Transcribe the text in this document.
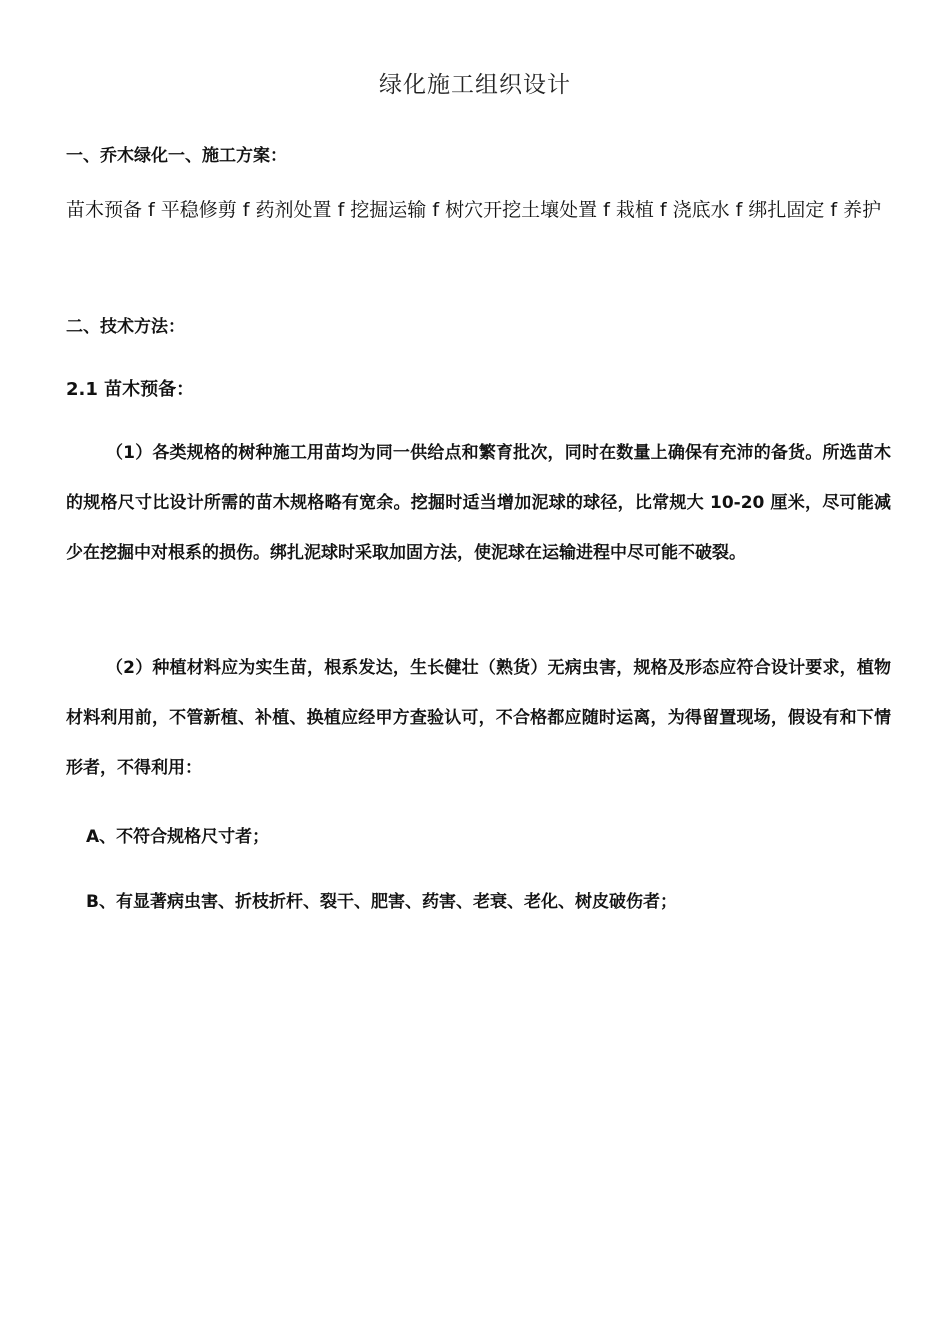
绿化施工组织设计
一、乔木绿化一、施工方案：
苗木预备 f 平稳修剪 f 药剂处置 f 挖掘运输 f 树穴开挖土壤处置 f 栽植 f 浇底水 f 绑扎固定 f 养护
二、技术方法：
2.1 苗木预备：
（1）各类规格的树种施工用苗均为同一供给点和繁育批次，同时在数量上确保有充沛的备货。所选苗木的规格尺寸比设计所需的苗木规格略有宽余。挖掘时适当增加泥球的球径，比常规大 10-20 厘米，尽可能减少在挖掘中对根系的损伤。绑扎泥球时采取加固方法，使泥球在运输进程中尽可能不破裂。
（2）种植材料应为实生苗，根系发达，生长健壮（熟货）无病虫害，规格及形态应符合设计要求，植物材料利用前，不管新植、补植、换植应经甲方查验认可，不合格都应随时运离，为得留置现场，假设有和下情形者，不得利用：
A、不符合规格尺寸者；
B、有显著病虫害、折枝折杆、裂干、肥害、药害、老衰、老化、树皮破伤者；
